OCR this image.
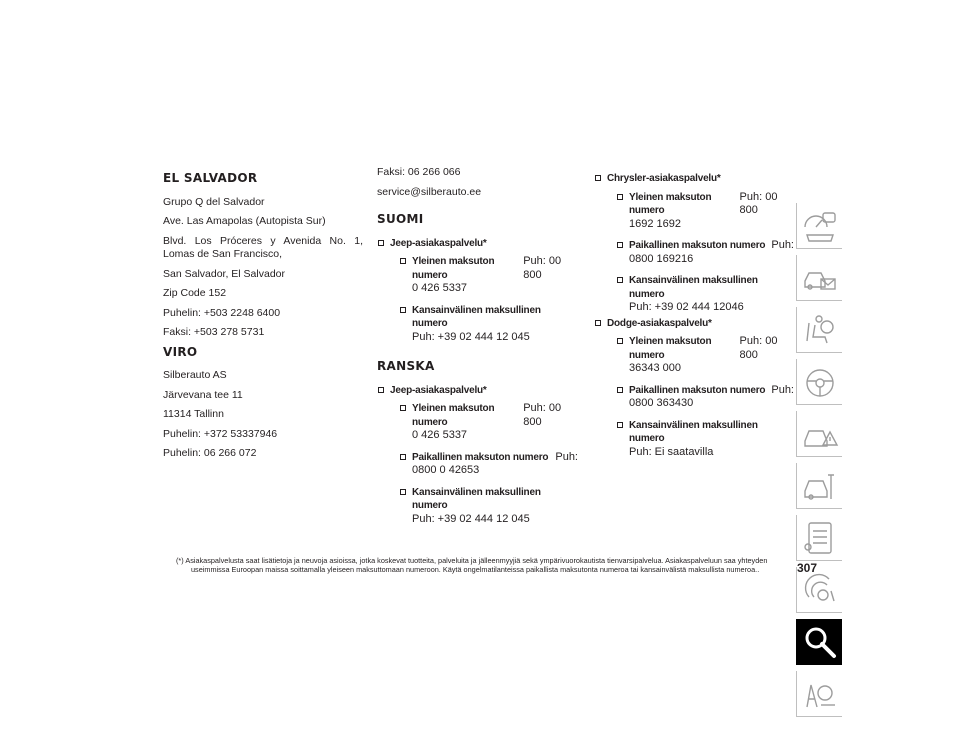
EL SALVADOR
Grupo Q del Salvador
Ave. Las Amapolas (Autopista Sur)
Blvd. Los Próceres y Avenida No. 1, Lomas de San Francisco,
San Salvador, El Salvador
Zip Code 152
Puhelin: +503 2248 6400
Faksi: +503 278 5731
VIRO
Silberauto AS
Järvevana tee 11
11314 Tallinn
Puhelin: +372 53337946
Puhelin: 06 266 072
Faksi: 06 266 066
service@silberauto.ee
SUOMI
Jeep-asiakaspalvelu*
Yleinen maksuton numero
Puh: 00 800
0 426 5337
Kansainvälinen maksullinen numero
Puh: +39 02 444 12 045
RANSKA
Jeep-asiakaspalvelu*
Yleinen maksuton numero
Puh: 00 800
0 426 5337
Paikallinen maksuton numero Puh:
0800 0 42653
Kansainvälinen maksullinen numero
Puh: +39 02 444 12 045
Chrysler-asiakaspalvelu*
Yleinen maksuton numero
Puh: 00 800
1692 1692
Paikallinen maksuton numero Puh:
0800 169216
Kansainvälinen maksullinen numero
Puh: +39 02 444 12046
Dodge-asiakaspalvelu*
Yleinen maksuton numero
Puh: 00 800
36343 000
Paikallinen maksuton numero Puh:
0800 363430
Kansainvälinen maksullinen numero
Puh: Ei saatavilla
(*) Asiakaspalvelusta saat lisätietoja ja neuvoja asioissa, jotka koskevat tuotteita, palveluita ja jälleenmyyjiä sekä ympärivuorokautista tienvarsipalvelua. Asiakaspalveluun saa yhteyden
useimmissa Euroopan maissa soittamalla yleiseen maksuttomaan numeroon. Käytä ongelmatilanteissa paikallista maksutonta numeroa tai kansainvälistä maksullista numeroa..	307
